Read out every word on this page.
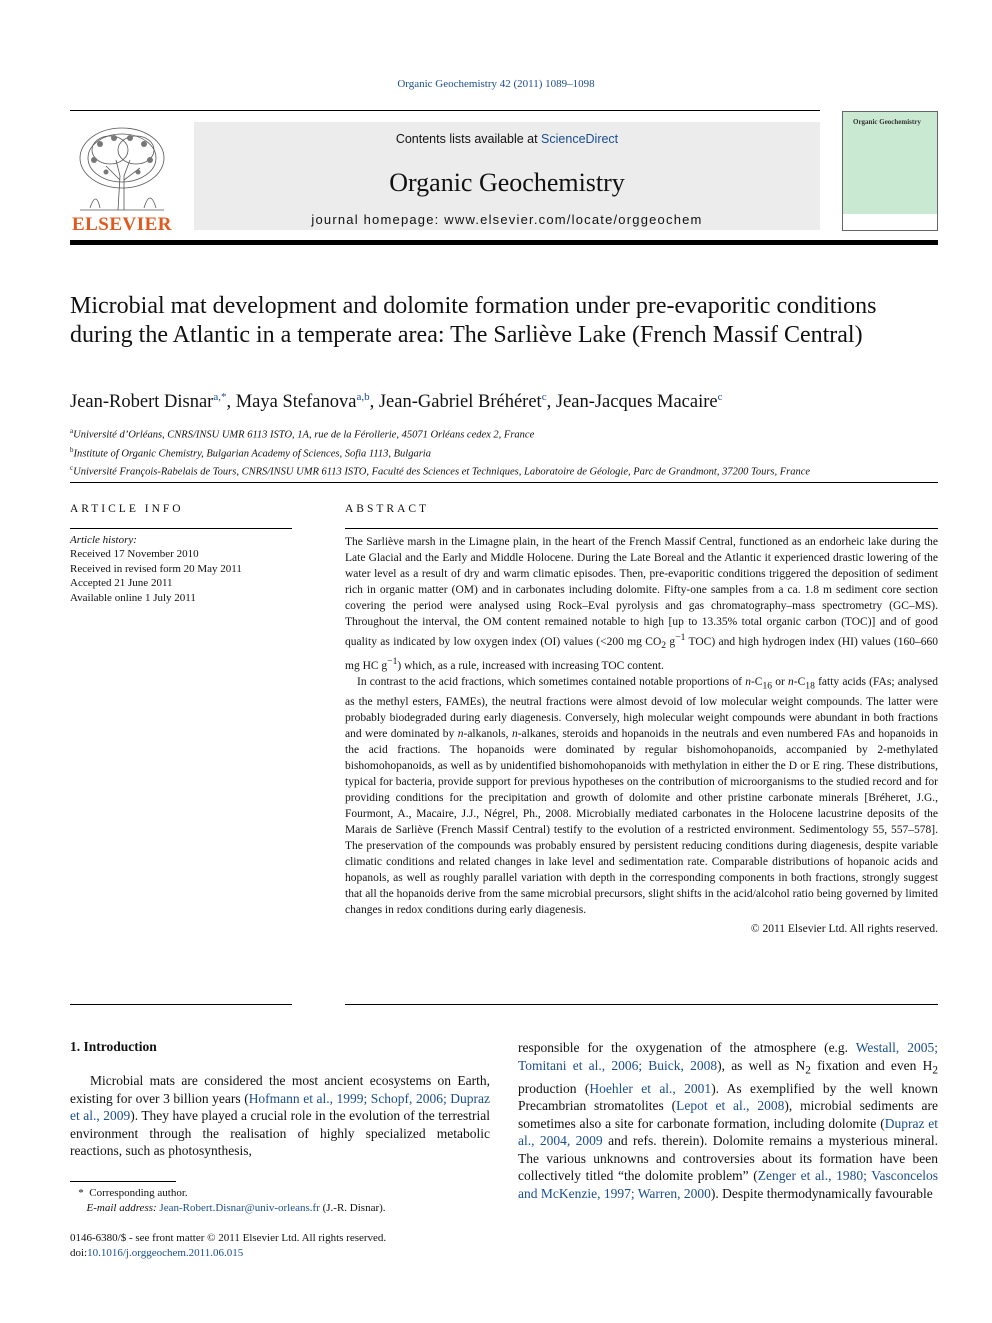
Organic Geochemistry 42 (2011) 1089–1098
ELSEVIER
Contents lists available at ScienceDirect
Organic Geochemistry
journal homepage: www.elsevier.com/locate/orggeochem
Organic Geochemistry
Microbial mat development and dolomite formation under pre-evaporitic conditions during the Atlantic in a temperate area: The Sarliève Lake (French Massif Central)
Jean-Robert Disnar$^{a,*}$, Maya Stefanova$^{a,b}$, Jean-Gabriel Bréhéret$^c$, Jean-Jacques Macaire$^c$
$^a$Université d’Orléans, CNRS/INSU UMR 6113 ISTO, 1A, rue de la Férollerie, 45071 Orléans cedex 2, France
$^b$Institute of Organic Chemistry, Bulgarian Academy of Sciences, Sofia 1113, Bulgaria
$^c$Université François-Rabelais de Tours, CNRS/INSU UMR 6113 ISTO, Faculté des Sciences et Techniques, Laboratoire de Géologie, Parc de Grandmont, 37200 Tours, France
ARTICLE INFO
Article history:
Received 17 November 2010
Received in revised form 20 May 2011
Accepted 21 June 2011
Available online 1 July 2011
ABSTRACT

The Sarliève marsh in the Limagne plain, in the heart of the French Massif Central, functioned as an endorheic lake during the Late Glacial and the Early and Middle Holocene. During the Late Boreal and the Atlantic it experienced drastic lowering of the water level as a result of dry and warm climatic episodes. Then, pre-evaporitic conditions triggered the deposition of sediment rich in organic matter (OM) and in carbonates including dolomite. Fifty-one samples from a ca. 1.8 m sediment core section covering the period were analysed using Rock–Eval pyrolysis and gas chromatography–mass spectrometry (GC–MS). Throughout the interval, the OM content remained notable to high [up to 13.35% total organic carbon (TOC)] and of good quality as indicated by low oxygen index (OI) values (<200 mg $CO_2$ $g^{-1}$ TOC) and high hydrogen index (HI) values (160–660 mg HC $g^{-1}$) which, as a rule, increased with increasing TOC content.

In contrast to the acid fractions, which sometimes contained notable proportions of $n-C_{16}$ or $n-C_{18}$ fatty acids (FAs; analysed as the methyl esters, FAMEs), the neutral fractions were almost devoid of low molecular weight compounds. The latter were probably biodegraded during early diagenesis. Conversely, high molecular weight compounds were abundant in both fractions and were dominated by n-alkanols, n-alkanes, steroids and hopanoids in the neutrals and even numbered FAs and hopanoids in the acid fractions. The hopanoids were dominated by regular bishomohopanoids, accompanied by 2-methylated bishomohopanoids, as well as by unidentified bishomohopanoids with methylation in either the D or E ring. These distributions, typical for bacteria, provide support for previous hypotheses on the contribution of microorganisms to the studied record and for providing conditions for the precipitation and growth of dolomite and other pristine carbonate minerals [Bréheret, J.G., Fourmont, A., Macaire, J.J., Négrel, Ph., 2008. Microbially mediated carbonates in the Holocene lacustrine deposits of the Marais de Sarliève (French Massif Central) testify to the evolution of a restricted environment. Sedimentology 55, 557–578]. The preservation of the compounds was probably ensured by persistent reducing conditions during diagenesis, despite variable climatic conditions and related changes in lake level and sedimentation rate. Comparable distributions of hopanoic acids and hopanols, as well as roughly parallel variation with depth in the corresponding components in both fractions, strongly suggest that all the hopanoids derive from the same microbial precursors, slight shifts in the acid/alcohol ratio being governed by limited changes in redox conditions during early diagenesis.

© 2011 Elsevier Ltd. All rights reserved.
1. Introduction
Microbial mats are considered the most ancient ecosystems on Earth, existing for over 3 billion years (Hofmann et al., 1999; Schopf, 2006; Dupraz et al., 2009). They have played a crucial role in the evolution of the terrestrial environment through the realisation of highly specialized metabolic reactions, such as photosynthesis,
responsible for the oxygenation of the atmosphere (e.g. Westall, 2005; Tomitani et al., 2006; Buick, 2008), as well as $N_2$ fixation and even $H_2$ production (Hoehler et al., 2001). As exemplified by the well known Precambrian stromatolites (Lepot et al., 2008), microbial sediments are sometimes also a site for carbonate formation, including dolomite (Dupraz et al., 2004, 2009 and refs. therein). Dolomite remains a mysterious mineral. The various unknowns and controversies about its formation have been collectively titled “the dolomite problem” (Zenger et al., 1980; Vasconcelos and McKenzie, 1997; Warren, 2000). Despite thermodynamically favourable
*  Corresponding author.
E-mail address: Jean-Robert.Disnar@univ-orleans.fr (J.-R. Disnar).
0146-6380/$ - see front matter © 2011 Elsevier Ltd. All rights reserved.
doi:10.1016/j.orggeochem.2011.06.015
